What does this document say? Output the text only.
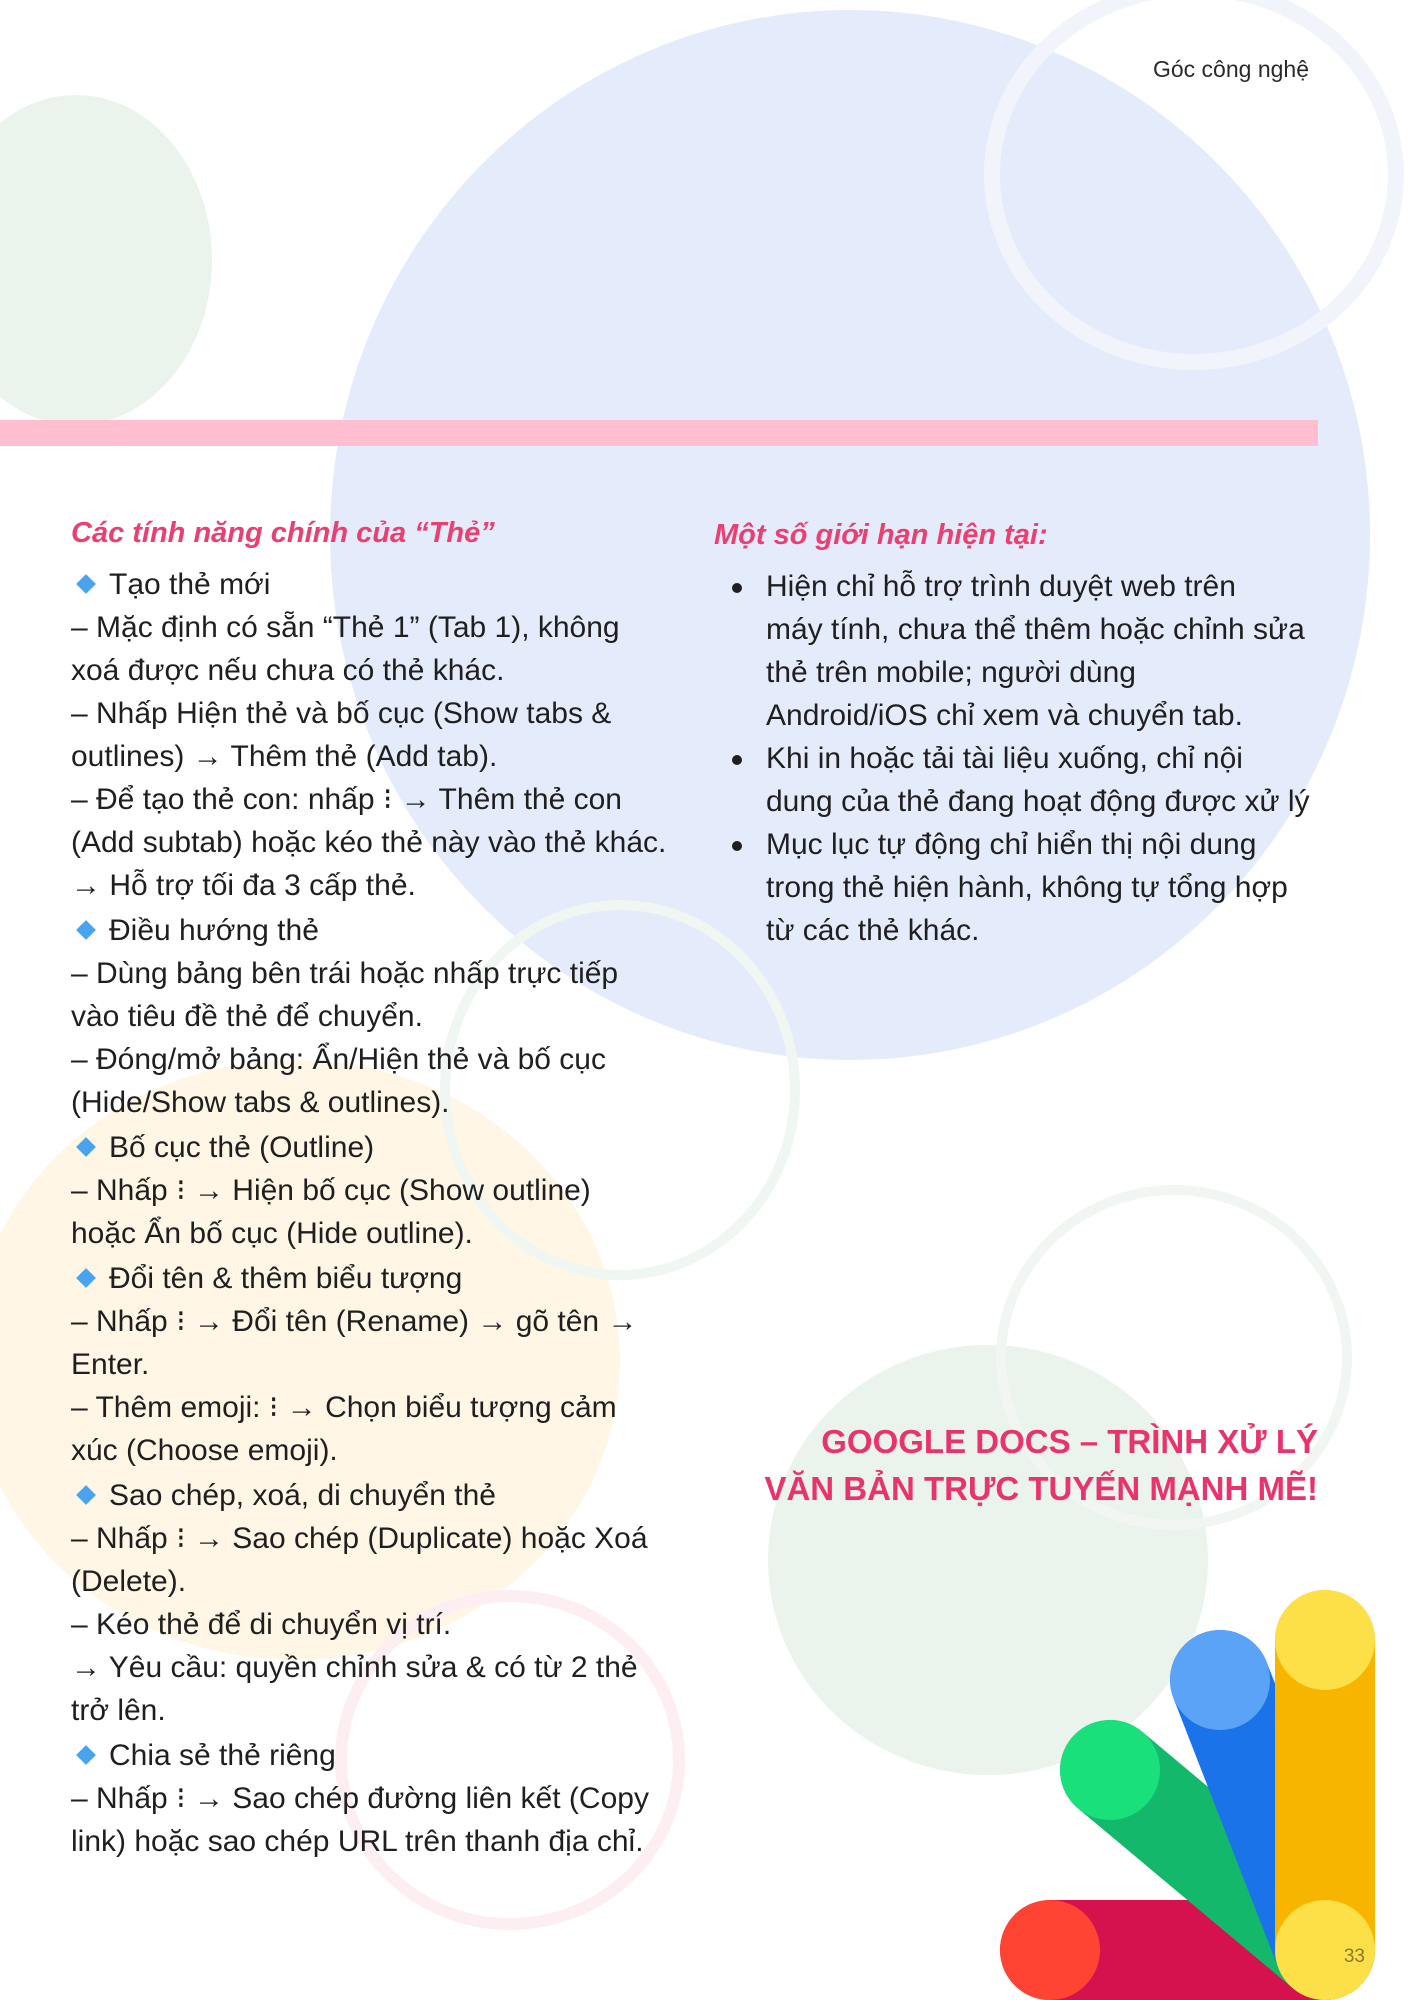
Góc công nghệ
Các tính năng chính của “Thẻ”
Tạo thẻ mới
– Mặc định có sẵn “Thẻ 1” (Tab 1), không
xoá được nếu chưa có thẻ khác.
– Nhấp Hiện thẻ và bố cục (Show tabs &
outlines) → Thêm thẻ (Add tab).
– Để tạo thẻ con: nhấp ⁝ → Thêm thẻ con
(Add subtab) hoặc kéo thẻ này vào thẻ khác.
→ Hỗ trợ tối đa 3 cấp thẻ.
Điều hướng thẻ
– Dùng bảng bên trái hoặc nhấp trực tiếp
vào tiêu đề thẻ để chuyển.
– Đóng/mở bảng: Ẩn/Hiện thẻ và bố cục
(Hide/Show tabs & outlines).
Bố cục thẻ (Outline)
– Nhấp ⁝ → Hiện bố cục (Show outline)
hoặc Ẩn bố cục (Hide outline).
Đổi tên & thêm biểu tượng
– Nhấp ⁝ → Đổi tên (Rename) → gõ tên →
Enter.
– Thêm emoji: ⁝ → Chọn biểu tượng cảm
xúc (Choose emoji).
Sao chép, xoá, di chuyển thẻ
– Nhấp ⁝ → Sao chép (Duplicate) hoặc Xoá
(Delete).
– Kéo thẻ để di chuyển vị trí.
→ Yêu cầu: quyền chỉnh sửa & có từ 2 thẻ
trở lên.
Chia sẻ thẻ riêng
– Nhấp ⁝ → Sao chép đường liên kết (Copy
link) hoặc sao chép URL trên thanh địa chỉ.
Một số giới hạn hiện tại:
Hiện chỉ hỗ trợ trình duyệt web trên
máy tính, chưa thể thêm hoặc chỉnh sửa
thẻ trên mobile; người dùng
Android/iOS chỉ xem và chuyển tab.
Khi in hoặc tải tài liệu xuống, chỉ nội
dung của thẻ đang hoạt động được xử lý
Mục lục tự động chỉ hiển thị nội dung
trong thẻ hiện hành, không tự tổng hợp
từ các thẻ khác.
GOOGLE DOCS – TRÌNH XỬ LÝ
VĂN BẢN TRỰC TUYẾN MẠNH MẼ!
33
